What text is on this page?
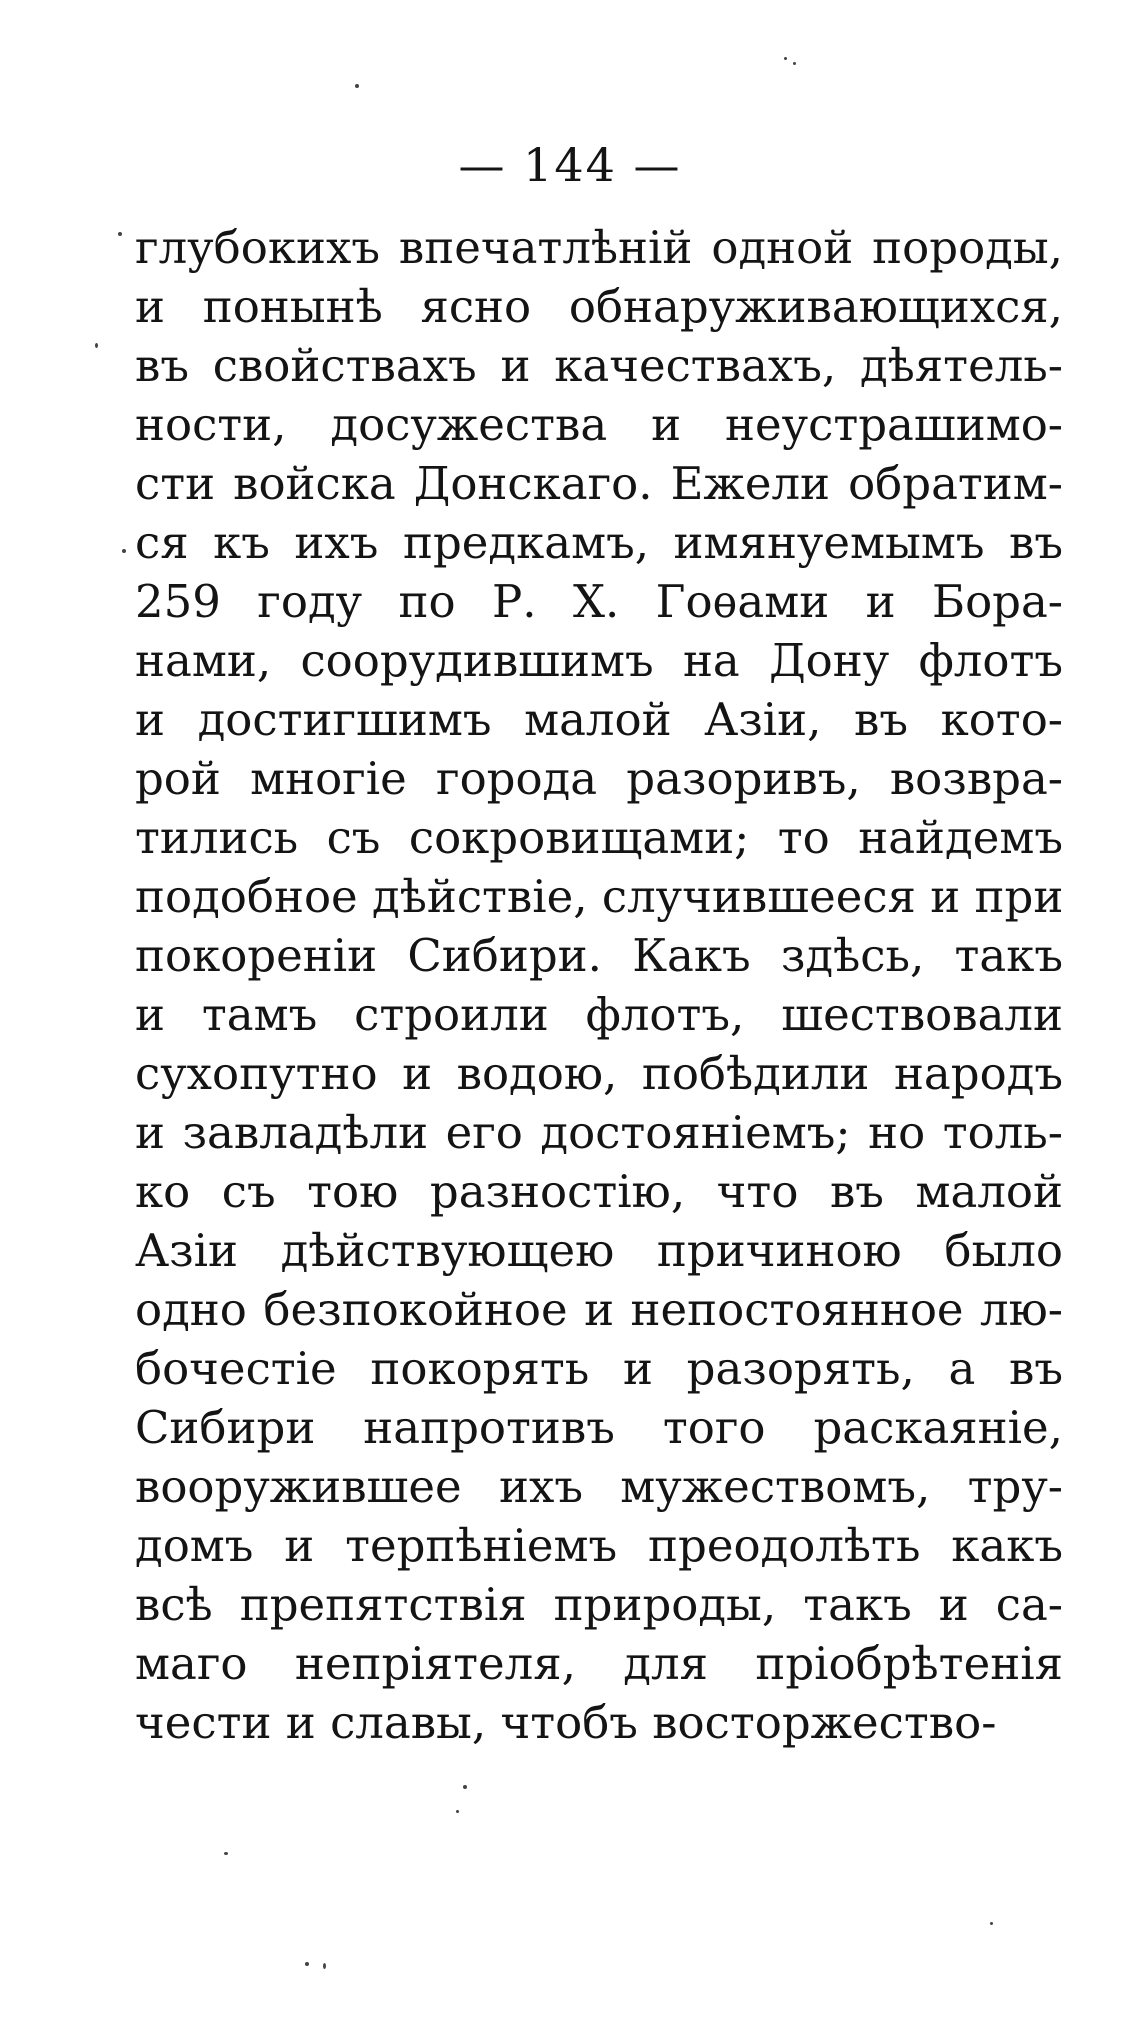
— 144 —
глубокихъ впечатлѣній одной породы,
и понынѣ ясно обнаруживающихся,
въ свойствахъ и качествахъ, дѣятель-
ности, досужества и неустрашимо-
сти войска Донскаго. Ежели обратим-
ся къ ихъ предкамъ, имянуемымъ въ
259 году по Р. Х. Гоѳами и Бора-
нами, соорудившимъ на Дону флотъ
и достигшимъ малой Азіи, въ кото-
рой многіе города разоривъ, возвра-
тились съ сокровищами; то найдемъ
подобное дѣйствіе, случившееся и при
покореніи Сибири. Какъ здѣсь, такъ
и тамъ строили флотъ, шествовали
сухопутно и водою, побѣдили народъ
и завладѣли его достояніемъ; но толь-
ко съ тою разностію, что въ малой
Азіи дѣйствующею причиною было
одно безпокойное и непостоянное лю-
бочестіе покорять и разорять, а въ
Сибири напротивъ того раскаяніе,
вооружившее ихъ мужествомъ, тру-
домъ и терпѣніемъ преодолѣть какъ
всѣ препятствія природы, такъ и са-
маго непріятеля, для пріобрѣтенія
чести и славы, чтобъ восторжество-
